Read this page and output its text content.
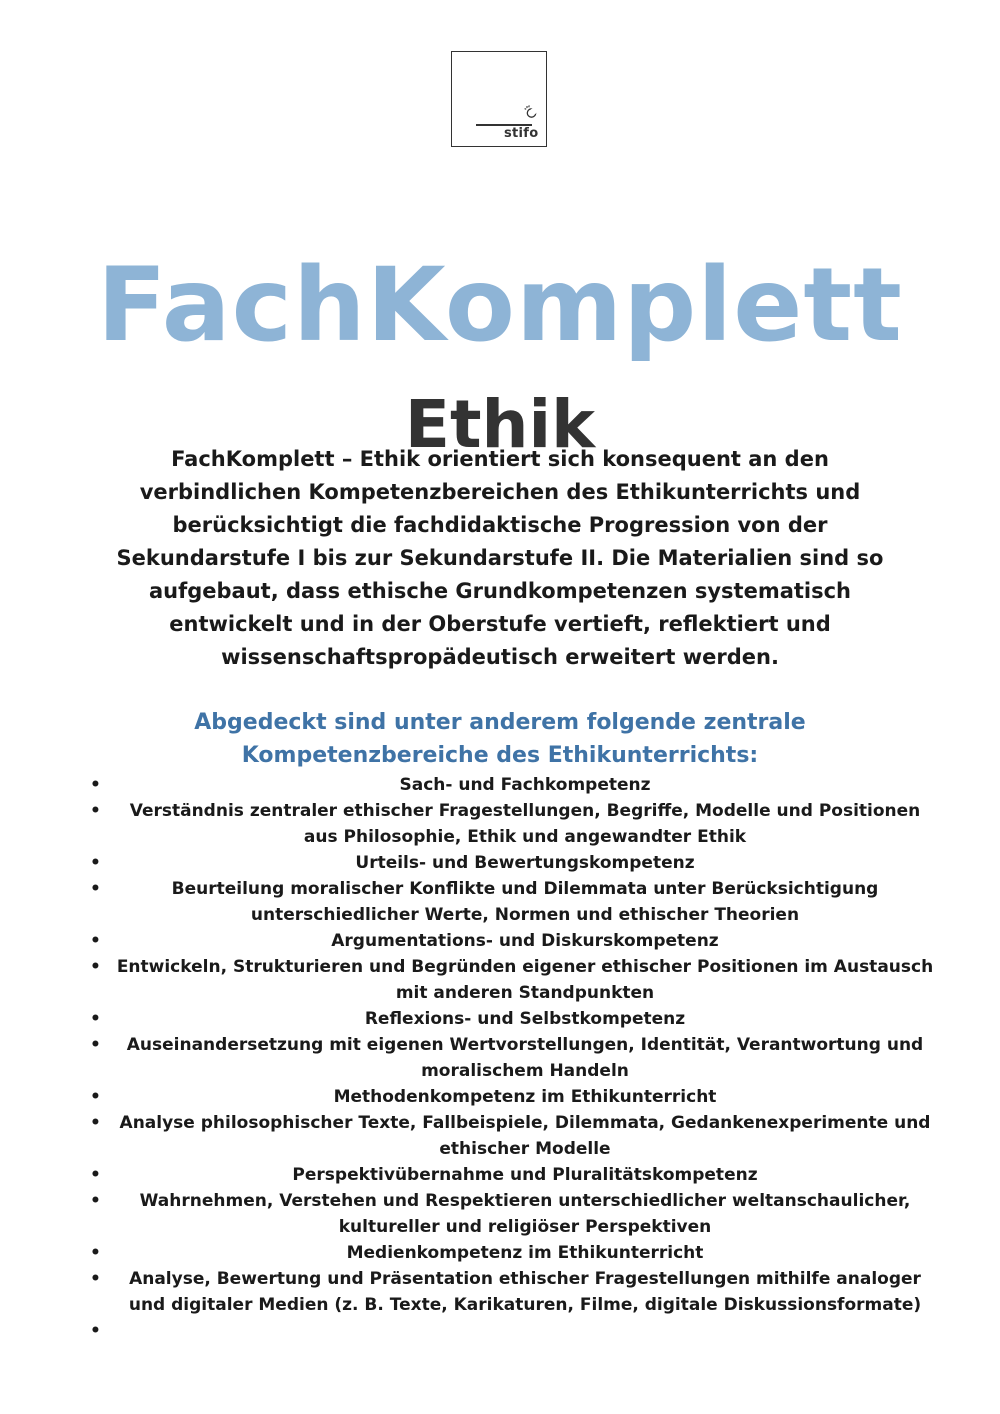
stifo
FachKomplett
Ethik

FachKomplett – Ethik orientiert sich konsequent an den verbindlichen Kompetenzbereichen des Ethikunterrichts und berücksichtigt die fachdidaktische Progression von der Sekundarstufe I bis zur Sekundarstufe II. Die Materialien sind so aufgebaut, dass ethische Grundkompetenzen systematisch entwickelt und in der Oberstufe vertieft, reflektiert und wissenschaftspropädeutisch erweitert werden.

Abgedeckt sind unter anderem folgende zentrale Kompetenzbereiche des Ethikunterrichts:

• Sach- und Fachkompetenz
• Verständnis zentraler ethischer Fragestellungen, Begriffe, Modelle und Positionen aus Philosophie, Ethik und angewandter Ethik
• Urteils- und Bewertungskompetenz
• Beurteilung moralischer Konflikte und Dilemmata unter Berücksichtigung unterschiedlicher Werte, Normen und ethischer Theorien
• Argumentations- und Diskurskompetenz
• Entwickeln, Strukturieren und Begründen eigener ethischer Positionen im Austausch mit anderen Standpunkten
• Reflexions- und Selbstkompetenz
• Auseinandersetzung mit eigenen Wertvorstellungen, Identität, Verantwortung und moralischem Handeln
• Methodenkompetenz im Ethikunterricht
• Analyse philosophischer Texte, Fallbeispiele, Dilemmata, Gedankenexperimente und ethischer Modelle
• Perspektivübernahme und Pluralitätskompetenz
• Wahrnehmen, Verstehen und Respektieren unterschiedlicher weltanschaulicher, kultureller und religiöser Perspektiven
• Medienkompetenz im Ethikunterricht
• Analyse, Bewertung und Präsentation ethischer Fragestellungen mithilfe analoger und digitaler Medien (z. B. Texte, Karikaturen, Filme, digitale Diskussionsformate)
•
